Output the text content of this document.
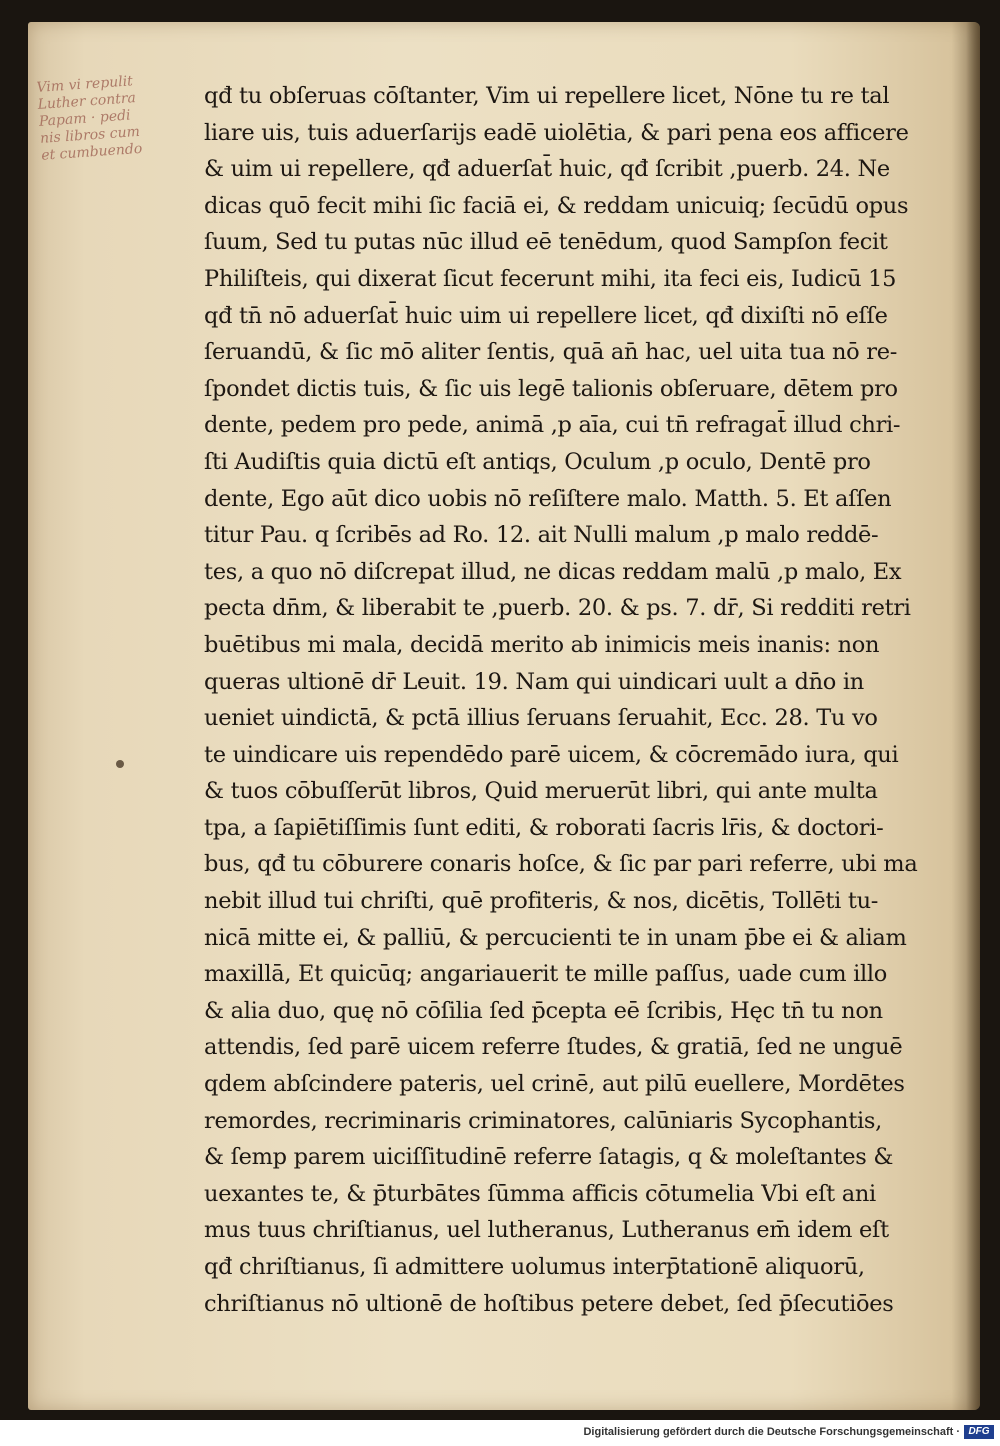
Vim vi repulit
Luther contra
Papam · pedi
nis libros cum
et cumbuendo
qđ tu obſeruas cōſtanter, Vim ui repellere licet, Nōne tu re tal
liare uis, tuis aduerſarijs eadē uiolētia, & pari pena eos afficere
& uim ui repellere, qđ aduerſat̄ huic, qđ ſcribit ,puerb. 24. Ne
dicas quō fecit mihi ſic faciā ei, & reddam unicuiq; ſecūdū opus
ſuum, Sed tu putas nūc illud eē tenēdum, quod Sampſon fecit
Philiſteis, qui dixerat ſicut fecerunt mihi, ita feci eis, Iudicū 15
qđ tn̄ nō aduerſat̄ huic uim ui repellere licet, qđ dixiſti nō eſſe
ſeruandū, & ſic mō aliter ſentis, quā an̄ hac, uel uita tua nō re-
ſpondet dictis tuis, & ſic uis legē talionis obſeruare, dētem pro
dente, pedem pro pede, animā ,p aīa, cui tn̄ refragat̄ illud chri-
ſti Audiſtis quia dictū eſt antiqs, Oculum ,p oculo, Dentē pro
dente, Ego aūt dico uobis nō reſiſtere malo. Matth. 5. Et aſſen
titur Pau. q ſcribēs ad Ro. 12. ait Nulli malum ,p malo reddē-
tes, a quo nō diſcrepat illud, ne dicas reddam malū ,p malo, Ex
pecta dn̄m, & liberabit te ,puerb. 20. & ps. 7. dr̄, Si redditi retri
buētibus mi mala, decidā merito ab inimicis meis inanis: non
queras ultionē dr̄ Leuit. 19. Nam qui uindicari uult a dn̄o in
ueniet uindictā, & pctā illius ſeruans ſeruahit, Ecc. 28. Tu vo
te uindicare uis rependēdo parē uicem, & cōcremādo iura, qui
& tuos cōbuſſerūt libros, Quid meruerūt libri, qui ante multa
tpa, a ſapiētiſſimis ſunt editi, & roborati ſacris lr̄is, & doctori-
bus, qđ tu cōburere conaris hoſce, & ſic par pari referre, ubi ma
nebit illud tui chriſti, quē profiteris, & nos, dicētis, Tollēti tu-
nicā mitte ei, & palliū, & percucienti te in unam p̄be ei & aliam
maxillā, Et quicūq; angariauerit te mille paſſus, uade cum illo
& alia duo, quę nō cōſilia ſed p̄cepta eē ſcribis, Hęc tn̄ tu non
attendis, ſed parē uicem referre ſtudes, & gratiā, ſed ne unguē
qdem abſcindere pateris, uel crinē, aut pilū euellere, Mordētes
remordes, recriminaris criminatores, calūniaris Sycophantis,
& ſemp parem uiciſſitudinē referre ſatagis, q & moleſtantes &
uexantes te, & p̄turbātes ſūmma afficis cōtumelia Vbi eſt ani
mus tuus chriſtianus, uel lutheranus, Lutheranus em̄ idem eſt
qđ chriſtianus, ſi admittere uolumus interp̄tationē aliquorū,
chriſtianus nō ultionē de hoſtibus petere debet, ſed p̄ſecutiōes
Digitalisierung gefördert durch die Deutsche Forschungsgemeinschaft · DFG
